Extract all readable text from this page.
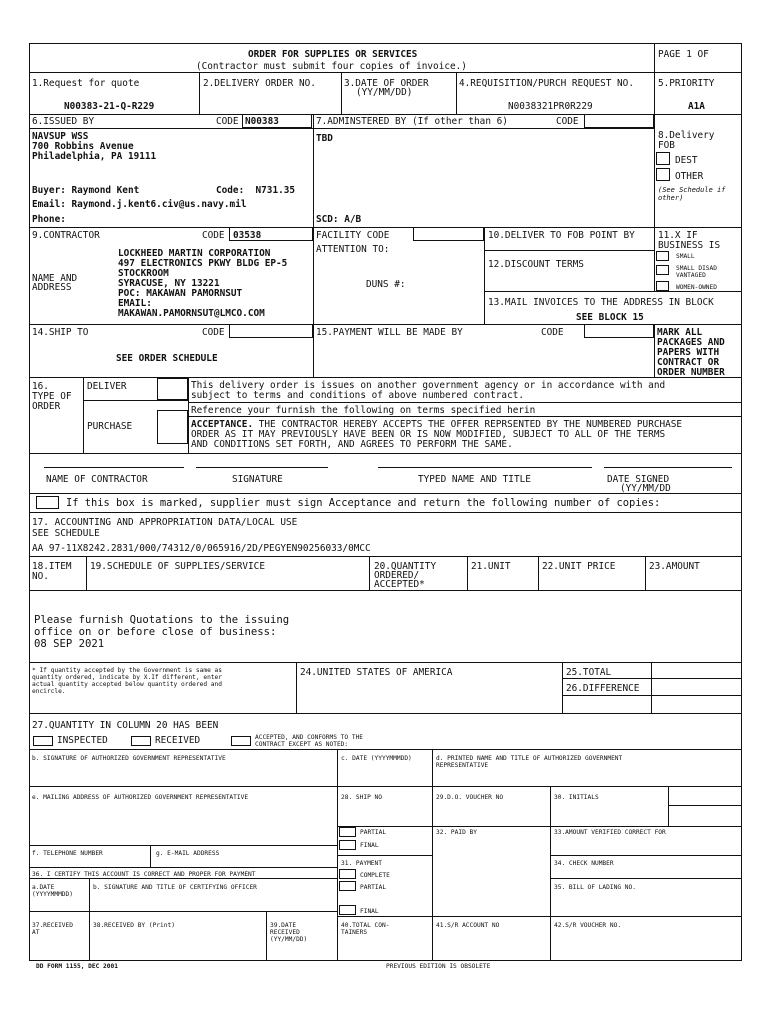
ORDER FOR SUPPLIES OR SERVICES
(Contractor must submit four copies of invoice.)
PAGE 1 OF
1.Request for quote
N00383-21-Q-R229
2.DELIVERY ORDER NO.	3.DATE OF ORDER
(YY/MM/DD)
4.REQUISITION/PURCH REQUEST NO.
N0038321PR0R229
5.PRIORITY
A1A
6.ISSUED BY	CODE N00383
NAVSUP WSS
700 Robbins Avenue
Philadelphia, PA 19111
Buyer: Raymond Kent	Code:  N731.35
Email: Raymond.j.kent6.civ@us.navy.mil
Phone:
7.ADMINSTERED BY (If other than 6)	CODE
TBD
SCD: A/B
8.Delivery
FOB
DEST
OTHER
(See Schedule if
other)
9.CONTRACTOR	CODE 03538	FACILITY CODE
ATTENTION TO:
DUNS #:
NAME AND
ADDRESS
LOCKHEED MARTIN CORPORATION
497 ELECTRONICS PKWY BLDG EP-5
STOCKROOM
SYRACUSE, NY 13221
POC: MAKAWAN PAMORNSUT
EMAIL:
MAKAWAN.PAMORNSUT@LMCO.COM
10.DELIVER TO FOB POINT BY
12.DISCOUNT TERMS
13.MAIL INVOICES TO THE ADDRESS IN BLOCK
SEE BLOCK 15
11.X IF
BUSINESS IS
SMALL
SMALL DISAD
VANTAGED
WOMEN-OWNED
14.SHIP TO	CODE
SEE ORDER SCHEDULE
15.PAYMENT WILL BE MADE BY	CODE	MARK ALL
PACKAGES AND
PAPERS WITH
CONTRACT OR
ORDER NUMBER
16.
TYPE OF
ORDER
DELIVER
PURCHASE
This delivery order is issues on another government agency or in accordance with and
subject to terms and conditions of above numbered contract.
Reference your furnish the following on terms specified herin
ACCEPTANCE. THE CONTRACTOR HEREBY ACCEPTS THE OFFER REPRSENTED BY THE NUMBERED PURCHASE
ORDER AS IT MAY PREVIOUSLY HAVE BEEN OR IS NOW MODIFIED, SUBJECT TO ALL OF THE TERMS
AND CONDITIONS SET FORTH, AND AGREES TO PERFORM THE SAME.
NAME OF CONTRACTOR	SIGNATURE	TYPED NAME AND TITLE	DATE SIGNED
(YY/MM/DD
If this box is marked, supplier must sign Acceptance and return the following number of copies:
17. ACCOUNTING AND APPROPRIATION DATA/LOCAL USE
SEE SCHEDULE
AA 97-11X8242.2831/000/74312/0/065916/2D/PEGYEN90256033/0MCC
18.ITEM
NO.
19.SCHEDULE OF SUPPLIES/SERVICE	20.QUANTITY
ORDERED/
ACCEPTED*
21.UNIT	22.UNIT PRICE	23.AMOUNT
Please furnish Quotations to the issuing
office on or before close of business:
08 SEP 2021
* If quantity accepted by the Government is same as
quantity ordered, indicate by X.If different, enter
actual quantity accepted below quantity ordered and
encircle.
24.UNITED STATES OF AMERICA	25.TOTAL
26.DIFFERENCE
27.QUANTITY IN COLUMN 20 HAS BEEN
INSPECTED	RECEIVED	ACCEPTED, AND CONFORMS TO THE
CONTRACT EXCEPT AS NOTED:
b. SIGNATURE OF AUTHORIZED GOVERNMENT REPRESENTATIVE	c. DATE (YYYYMMMDD)	d. PRINTED NAME AND TITLE OF AUTHORIZED GOVERNMENT
REPRESENTATIVE
e. MAILING ADDRESS OF AUTHORIZED GOVERNMENT REPRESENTATIVE	28. SHIP NO	29.D.O. VOUCHER NO	30. INITIALS
PARTIAL
FINAL
32. PAID BY	33.AMOUNT VERIFIED CORRECT FOR
f. TELEPHONE NUMBER	g. E-MAIL ADDRESS
31. PAYMENT	34. CHECK NUMBER
36. I CERTIFY THIS ACCOUNT IS CORRECT AND PROPER FOR PAYMENT	COMPLETE
a.DATE
(YYYYMMMDD)
b. SIGNATURE AND TITLE OF CERTIFYING OFFICER	PARTIAL	35. BILL OF LADING NO.
FINAL
37.RECEIVED
AT
38.RECEIVED BY (Print)	39.DATE
RECEIVED
(YY/MM/DD)
40.TOTAL CON-
TAINERS
41.S/R ACCOUNT NO	42.S/R VOUCHER NO.
DD FORM 1155, DEC 2001	PREVIOUS EDITION IS OBSOLETE
